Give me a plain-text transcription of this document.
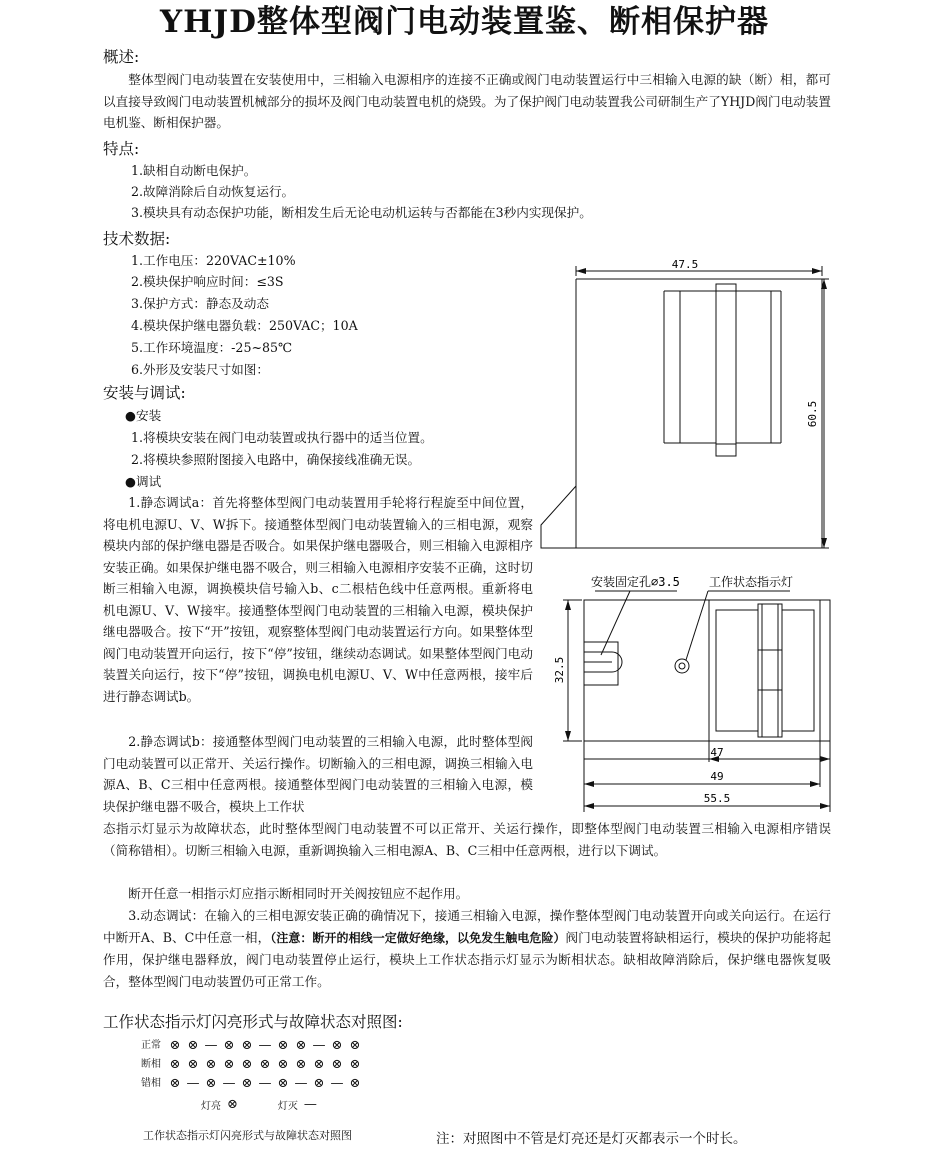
YHJD整体型阀门电动装置鉴、断相保护器
概述:
整体型阀门电动装置在安装使用中，三相输入电源相序的连接不正确或阀门电动装置运行中三相输入电源的缺（断）相，都可以直接导致阀门电动装置机械部分的损坏及阀门电动装置电机的烧毁。为了保护阀门电动装置我公司研制生产了YHJD阀门电动装置电机鉴、断相保护器。
特点:
1.缺相自动断电保护。
2.故障消除后自动恢复运行。
3.模块具有动态保护功能，断相发生后无论电动机运转与否都能在3秒内实现保护。
技术数据:
1.工作电压：220VAC±10%
2.模块保护响应时间：≤3S
3.保护方式：静态及动态
4.模块保护继电器负载：250VAC；10A
5.工作环境温度：-25~85℃
6.外形及安装尺寸如图：
安装与调试:
●安装
1.将模块安装在阀门电动装置或执行器中的适当位置。
2.将模块参照附图接入电路中，确保接线准确无误。
●调试
1.静态调试a：首先将整体型阀门电动装置用手轮将行程旋至中间位置，将电机电源U、V、W拆下。接通整体型阀门电动装置输入的三相电源，观察模块内部的保护继电器是否吸合。如果保护继电器吸合，则三相输入电源相序安装正确。如果保护继电器不吸合，则三相输入电源相序安装不正确，这时切断三相输入电源，调换模块信号输入b、c二根桔色线中任意两根。重新将电机电源U、V、W接牢。接通整体型阀门电动装置的三相输入电源，模块保护继电器吸合。按下“开”按钮，观察整体型阀门电动装置运行方向。如果整体型阀门电动装置开向运行，按下“停”按钮，继续动态调试。如果整体型阀门电动装置关向运行，按下“停”按钮，调换电机电源U、V、W中任意两根，接牢后进行静态调试b。
2.静态调试b：接通整体型阀门电动装置的三相输入电源，此时整体型阀门电动装置可以正常开、关运行操作。切断输入的三相电源，调换三相输入电源A、B、C三相中任意两根。接通整体型阀门电动装置的三相输入电源，模块保护继电器不吸合，模块上工作状
态指示灯显示为故障状态，此时整体型阀门电动装置不可以正常开、关运行操作，即整体型阀门电动装置三相输入电源相序错误（简称错相）。切断三相输入电源，重新调换输入三相电源A、B、C三相中任意两根，进行以下调试。
断开任意一相指示灯应指示断相同时开关阀按钮应不起作用。
3.动态调试：在输入的三相电源安装正确的确情况下，接通三相输入电源，操作整体型阀门电动装置开向或关向运行。在运行中断开A、B、C中任意一相，（注意：断开的相线一定做好绝缘，以免发生触电危险）阀门电动装置将缺相运行，模块的保护功能将起作用，保护继电器释放，阀门电动装置停止运行，模块上工作状态指示灯显示为断相状态。缺相故障消除后，保护继电器恢复吸合，整体型阀门电动装置仍可正常工作。
47.5
60.5
安装固定孔⌀3.5 工作状态指示灯
32.5
47
49
55.5
工作状态指示灯闪亮形式与故障状态对照图:
正常 ⊗ ⊗ — ⊗ ⊗ — ⊗ ⊗ — ⊗ ⊗
断相 ⊗ ⊗ ⊗ ⊗ ⊗ ⊗ ⊗ ⊗ ⊗ ⊗ ⊗
错相 ⊗ — ⊗ — ⊗ — ⊗ — ⊗ — ⊗
灯亮 ⊗	灯灭 —
工作状态指示灯闪亮形式与故障状态对照图	注：对照图中不管是灯亮还是灯灭都表示一个时长。
